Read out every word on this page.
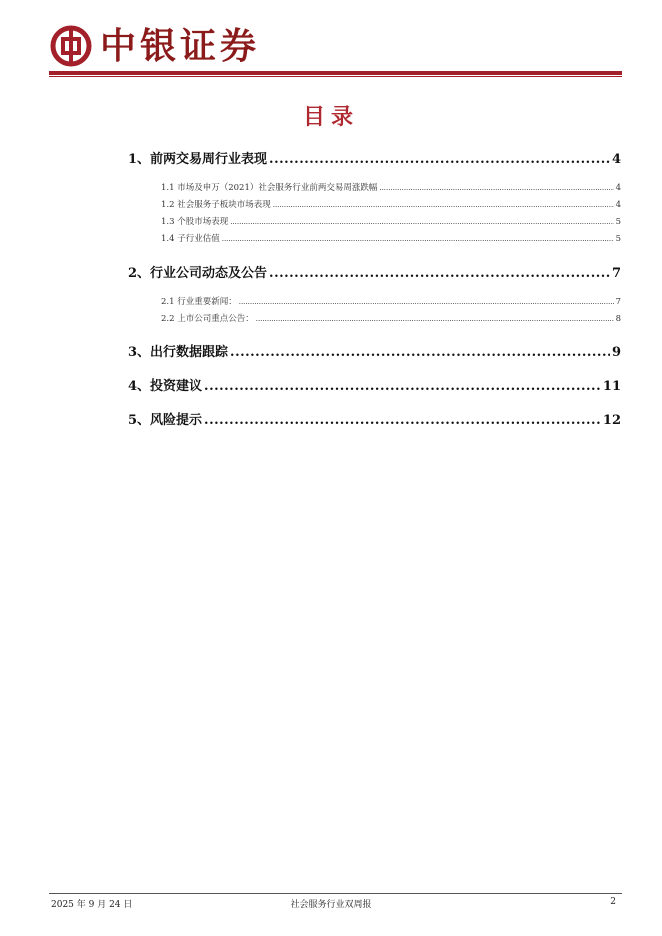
中银证券
目录
1、前两交易周行业表现 .....	4
1.1 市场及申万（2021）社会服务行业前两交易周涨跌幅 .....	4
1.2 社会服务子板块市场表现 .....	4
1.3 个股市场表现 .....	5
1.4 子行业估值 .....	5
2、行业公司动态及公告 .....	7
2.1 行业重要新闻： .....	7
2.2 上市公司重点公告： .....	8
3、出行数据跟踪 .....	9
4、投资建议 .....	11
5、风险提示 .....	12
2025 年 9 月 24 日	社会服务行业双周报	2
